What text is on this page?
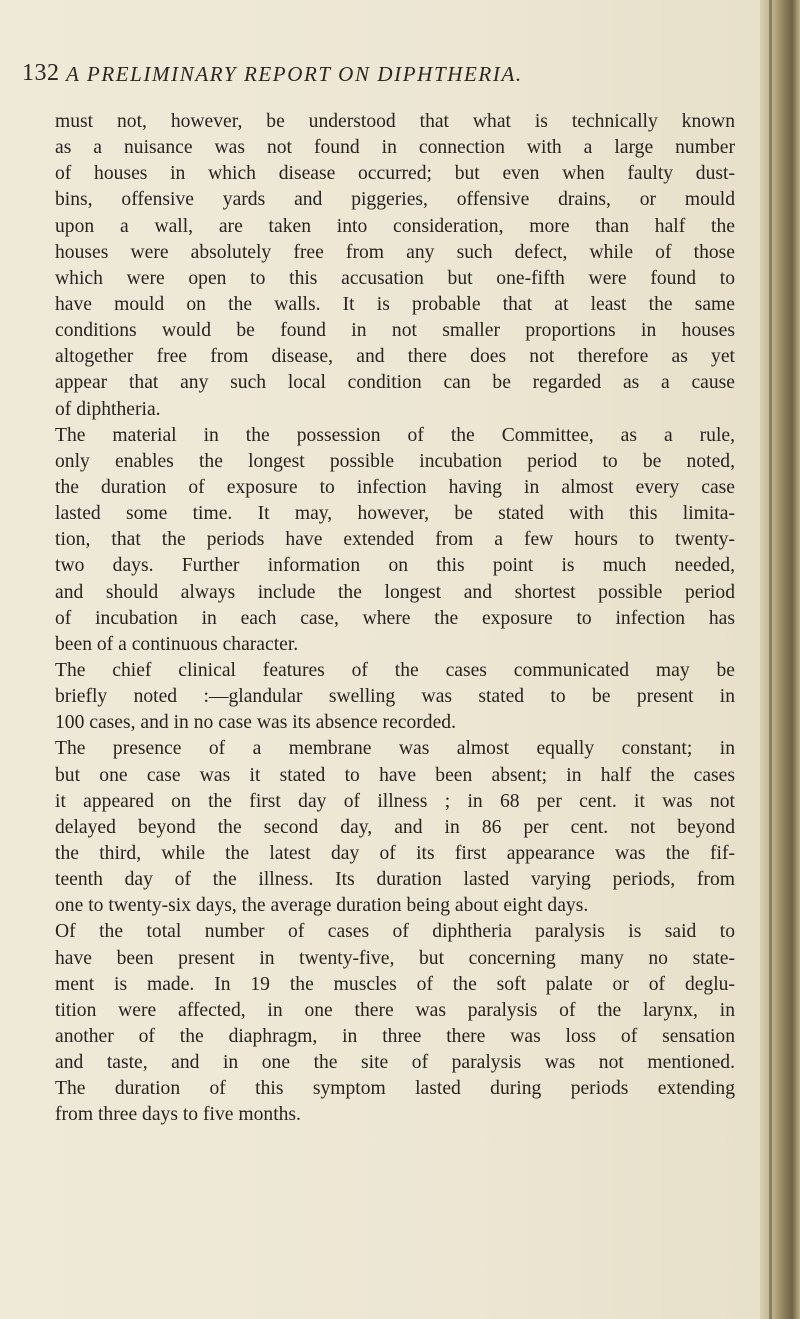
132 A PRELIMINARY REPORT ON DIPHTHERIA.
must not, however, be understood that what is technically known
as a nuisance was not found in connection with a large number
of houses in which disease occurred; but even when faulty dust-
bins, offensive yards and piggeries, offensive drains, or mould
upon a wall, are taken into consideration, more than half the
houses were absolutely free from any such defect, while of those
which were open to this accusation but one-fifth were found to
have mould on the walls. It is probable that at least the same
conditions would be found in not smaller proportions in houses
altogether free from disease, and there does not therefore as yet
appear that any such local condition can be regarded as a cause
of diphtheria.
The material in the possession of the Committee, as a rule,
only enables the longest possible incubation period to be noted,
the duration of exposure to infection having in almost every case
lasted some time. It may, however, be stated with this limita-
tion, that the periods have extended from a few hours to twenty-
two days. Further information on this point is much needed,
and should always include the longest and shortest possible period
of incubation in each case, where the exposure to infection has
been of a continuous character.
The chief clinical features of the cases communicated may be
briefly noted :—glandular swelling was stated to be present in
100 cases, and in no case was its absence recorded.
The presence of a membrane was almost equally constant; in
but one case was it stated to have been absent; in half the cases
it appeared on the first day of illness ; in 68 per cent. it was not
delayed beyond the second day, and in 86 per cent. not beyond
the third, while the latest day of its first appearance was the fif-
teenth day of the illness. Its duration lasted varying periods, from
one to twenty-six days, the average duration being about eight days.
Of the total number of cases of diphtheria paralysis is said to
have been present in twenty-five, but concerning many no state-
ment is made. In 19 the muscles of the soft palate or of deglu-
tition were affected, in one there was paralysis of the larynx, in
another of the diaphragm, in three there was loss of sensation
and taste, and in one the site of paralysis was not mentioned.
The duration of this symptom lasted during periods extending
from three days to five months.
